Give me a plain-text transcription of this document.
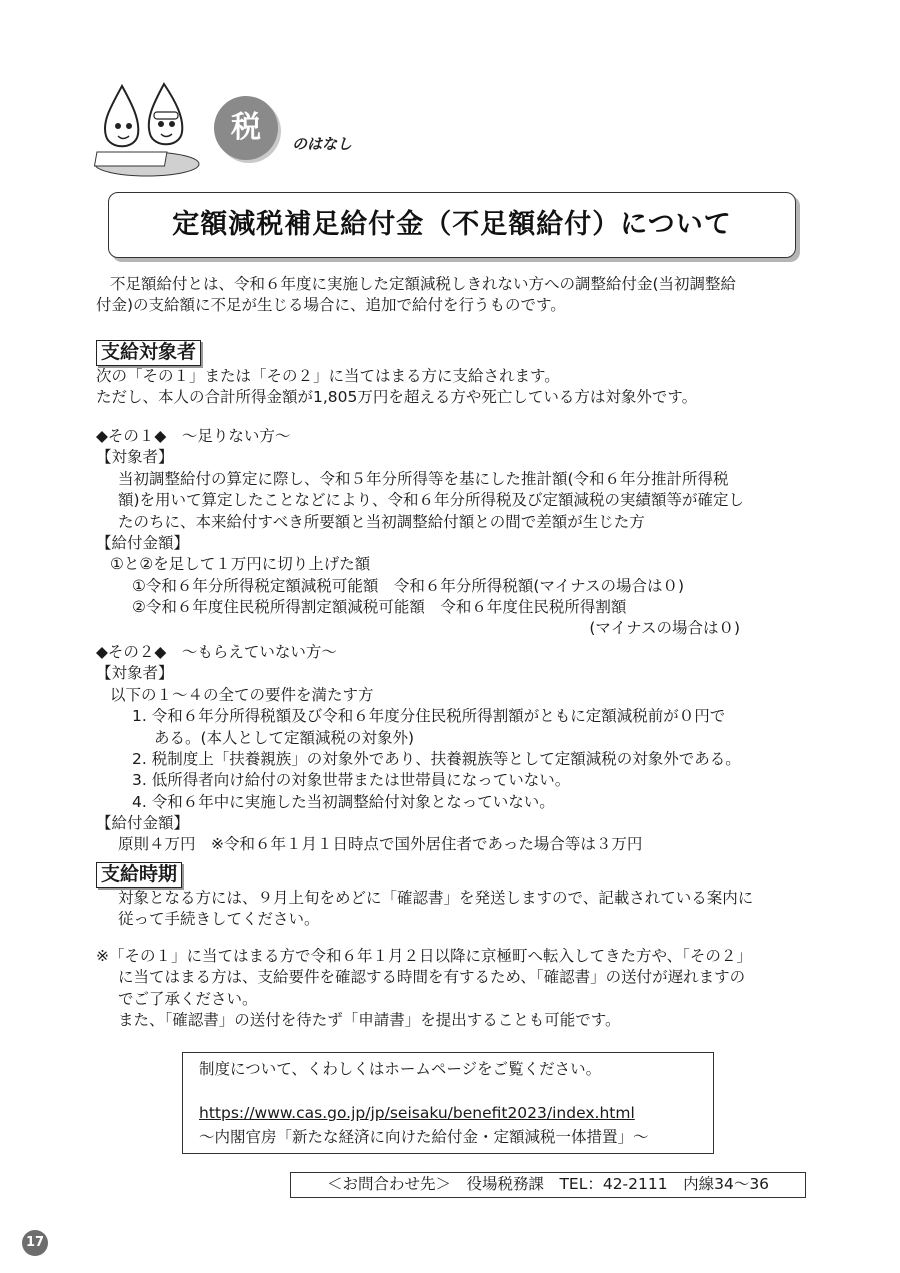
税 のはなし
定額減税補足給付金（不足額給付）について
不足額給付とは、令和６年度に実施した定額減税しきれない方への調整給付金(当初調整給
付金)の支給額に不足が生じる場合に、追加で給付を行うものです。
支給対象者
次の「その１」または「その２」に当てはまる方に支給されます。
ただし、本人の合計所得金額が1,805万円を超える方や死亡している方は対象外です。
◆その１◆　～足りない方～
【対象者】
当初調整給付の算定に際し、令和５年分所得等を基にした推計額(令和６年分推計所得税
額)を用いて算定したことなどにより、令和６年分所得税及び定額減税の実績額等が確定し
たのちに、本来給付すべき所要額と当初調整給付額との間で差額が生じた方
【給付金額】
①と②を足して１万円に切り上げた額
①令和６年分所得税定額減税可能額　令和６年分所得税額(マイナスの場合は０)
②令和６年度住民税所得割定額減税可能額　令和６年度住民税所得割額
(マイナスの場合は０)
◆その２◆　～もらえていない方～
【対象者】
以下の１～４の全ての要件を満たす方
1. 令和６年分所得税額及び令和６年度分住民税所得割額がともに定額減税前が０円で
ある。(本人として定額減税の対象外)
2. 税制度上「扶養親族」の対象外であり、扶養親族等として定額減税の対象外である。
3. 低所得者向け給付の対象世帯または世帯員になっていない。
4. 令和６年中に実施した当初調整給付対象となっていない。
【給付金額】
原則４万円　※令和６年１月１日時点で国外居住者であった場合等は３万円
支給時期
対象となる方には、９月上旬をめどに「確認書」を発送しますので、記載されている案内に
従って手続きしてください。
※「その１」に当てはまる方で令和６年１月２日以降に京極町へ転入してきた方や、「その２」
に当てはまる方は、支給要件を確認する時間を有するため、「確認書」の送付が遅れますの
でご了承ください。
また、「確認書」の送付を待たず「申請書」を提出することも可能です。
制度について、くわしくはホームページをご覧ください。
https://www.cas.go.jp/jp/seisaku/benefit2023/index.html
～内閣官房「新たな経済に向けた給付金・定額減税一体措置」～
＜お問合わせ先＞　役場税務課　TEL：42-2111　内線34～36
17
